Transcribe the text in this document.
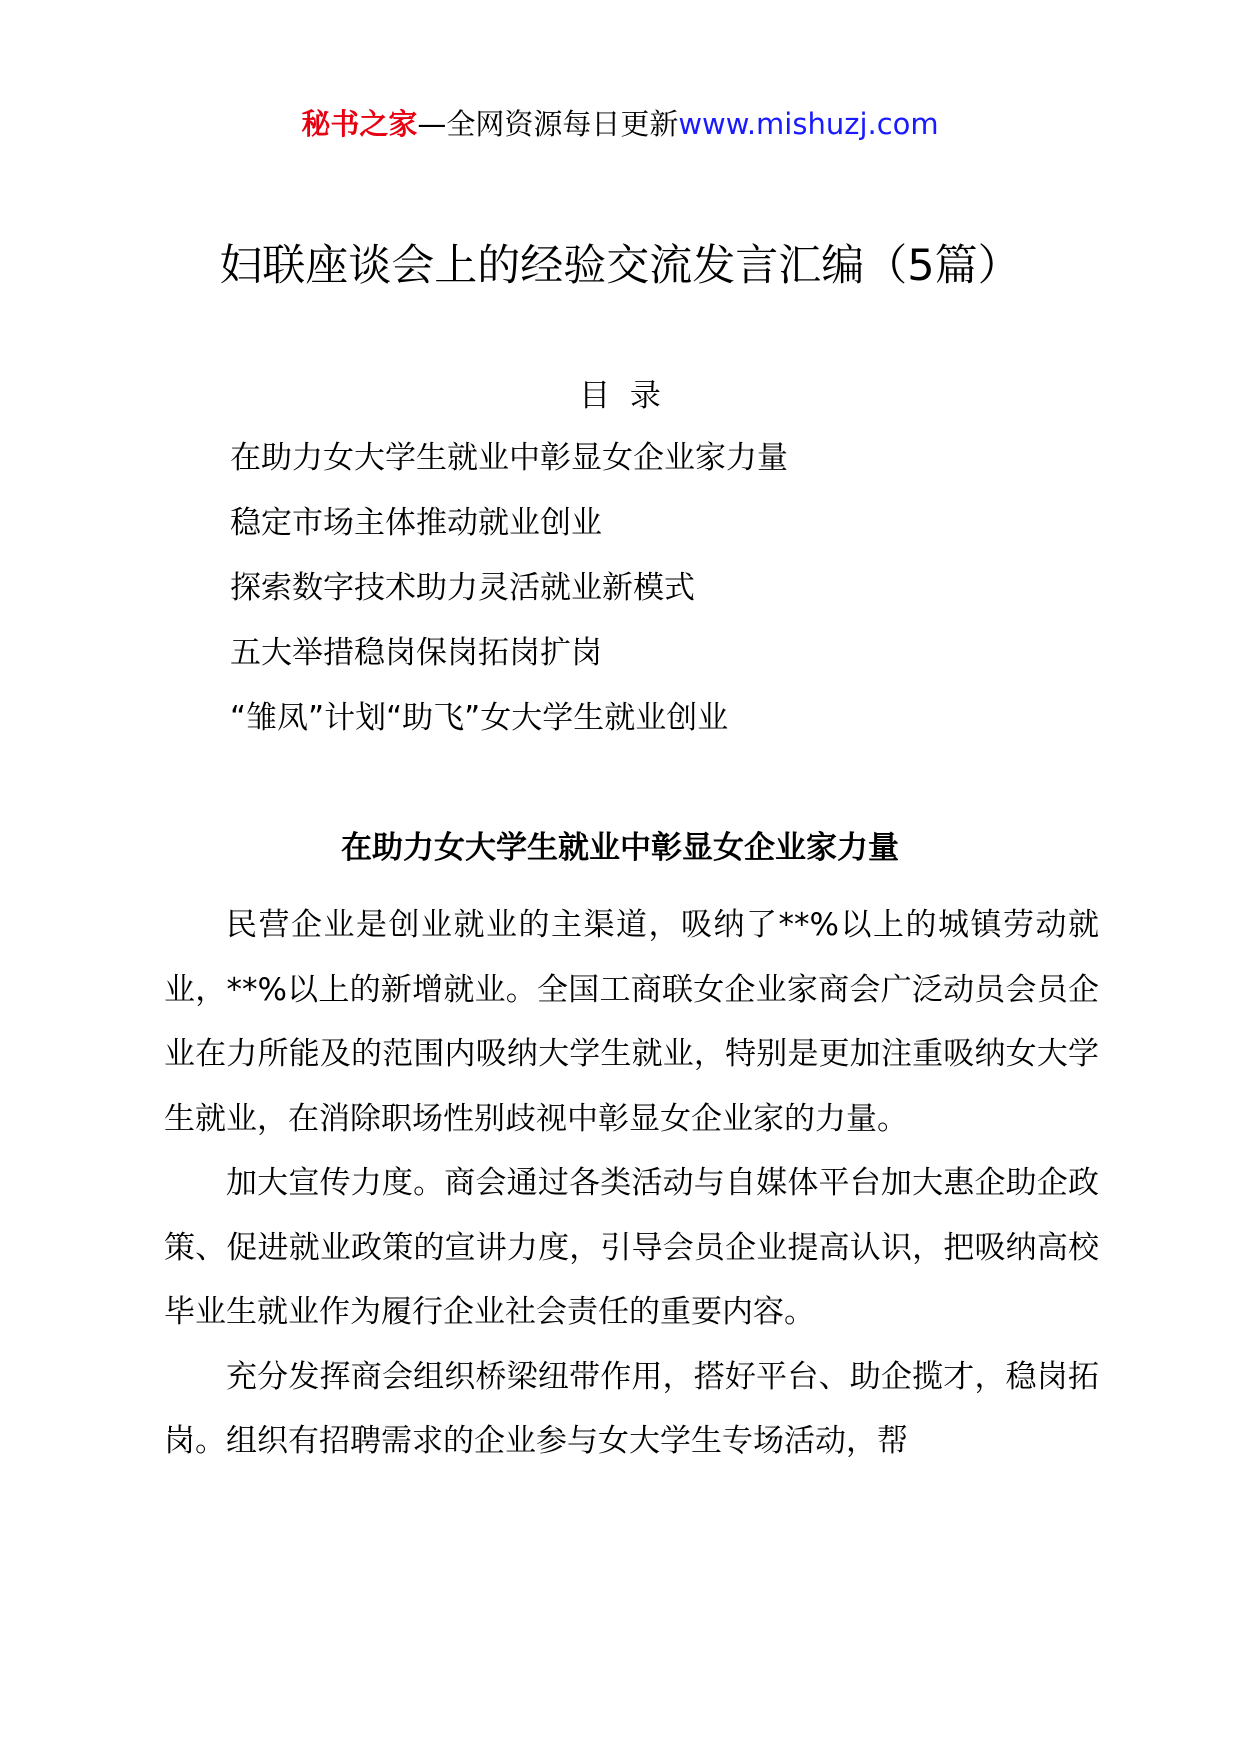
秘书之家—全网资源每日更新www.mishuzj.com
妇联座谈会上的经验交流发言汇编（5篇）
目  录
在助力女大学生就业中彰显女企业家力量
稳定市场主体推动就业创业
探索数字技术助力灵活就业新模式
五大举措稳岗保岗拓岗扩岗
“雏凤”计划“助飞”女大学生就业创业
在助力女大学生就业中彰显女企业家力量

民营企业是创业就业的主渠道，吸纳了**%以上的城镇劳动就业，**%以上的新增就业。全国工商联女企业家商会广泛动员会员企业在力所能及的范围内吸纳大学生就业，特别是更加注重吸纳女大学生就业，在消除职场性别歧视中彰显女企业家的力量。

加大宣传力度。商会通过各类活动与自媒体平台加大惠企助企政策、促进就业政策的宣讲力度，引导会员企业提高认识，把吸纳高校毕业生就业作为履行企业社会责任的重要内容。

充分发挥商会组织桥梁纽带作用，搭好平台、助企揽才，稳岗拓岗。组织有招聘需求的企业参与女大学生专场活动，帮
